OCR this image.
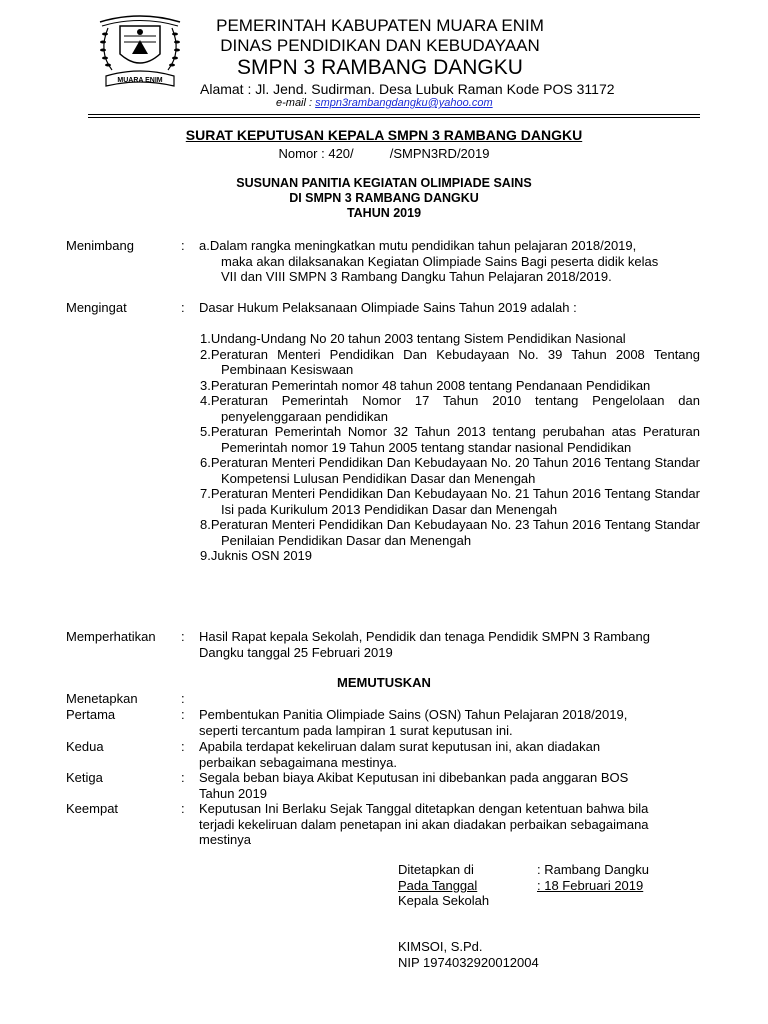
MUARA ENIM
PEMERINTAH KABUPATEN MUARA ENIM
DINAS PENDIDIKAN DAN KEBUDAYAAN
SMPN 3 RAMBANG DANGKU
Alamat : Jl. Jend. Sudirman. Desa Lubuk Raman Kode POS 31172
e-mail : smpn3rambangdangku@yahoo.com
SURAT KEPUTUSAN KEPALA SMPN 3 RAMBANG DANGKU
Nomor : 420/          /SMPN3RD/2019
SUSUNAN PANITIA KEGIATAN OLIMPIADE SAINS
DI SMPN 3 RAMBANG DANGKU
TAHUN 2019
Menimbang	: a.Dalam rangka meningkatkan mutu pendidikan tahun pelajaran 2018/2019,
maka akan dilaksanakan Kegiatan Olimpiade Sains Bagi peserta didik kelas
VII dan VIII SMPN 3 Rambang Dangku Tahun Pelajaran 2018/2019.
Mengingat	: Dasar Hukum Pelaksanaan Olimpiade Sains Tahun 2019 adalah :
1.Undang-Undang No 20 tahun 2003 tentang Sistem Pendidikan Nasional
2.Peraturan Menteri Pendidikan Dan Kebudayaan No. 39 Tahun 2008 Tentang Pembinaan Kesiswaan
3.Peraturan Pemerintah nomor 48 tahun 2008 tentang Pendanaan Pendidikan
4.Peraturan Pemerintah Nomor 17 Tahun 2010 tentang Pengelolaan dan penyelenggaraan pendidikan
5.Peraturan Pemerintah Nomor 32 Tahun 2013 tentang perubahan atas Peraturan Pemerintah nomor 19 Tahun 2005 tentang standar nasional Pendidikan
6.Peraturan Menteri Pendidikan Dan Kebudayaan No. 20 Tahun 2016 Tentang Standar Kompetensi Lulusan Pendidikan Dasar dan Menengah
7.Peraturan Menteri Pendidikan Dan Kebudayaan No. 21 Tahun 2016 Tentang Standar Isi pada Kurikulum 2013 Pendidikan Dasar dan Menengah
8.Peraturan Menteri Pendidikan Dan Kebudayaan No. 23 Tahun 2016 Tentang Standar Penilaian Pendidikan Dasar dan Menengah
9.Juknis OSN 2019
Memperhatikan : Hasil Rapat kepala Sekolah, Pendidik dan tenaga Pendidik SMPN 3 Rambang
Dangku tanggal 25 Februari 2019
MEMUTUSKAN
Menetapkan	:
Pertama	: Pembentukan Panitia Olimpiade Sains (OSN) Tahun Pelajaran 2018/2019,
seperti tercantum pada lampiran 1 surat keputusan ini.
Kedua	: Apabila terdapat kekeliruan dalam surat keputusan ini, akan diadakan
perbaikan sebagaimana mestinya.
Ketiga	: Segala beban biaya Akibat Keputusan ini dibebankan pada anggaran BOS
Tahun 2019
Keempat	: Keputusan Ini Berlaku Sejak Tanggal ditetapkan dengan ketentuan bahwa bila
terjadi kekeliruan dalam penetapan ini akan diadakan perbaikan sebagaimana
mestinya
Ditetapkan di	: Rambang Dangku
Pada Tanggal	: 18 Februari 2019
Kepala Sekolah
KIMSOI, S.Pd.
NIP 1974032920012004
